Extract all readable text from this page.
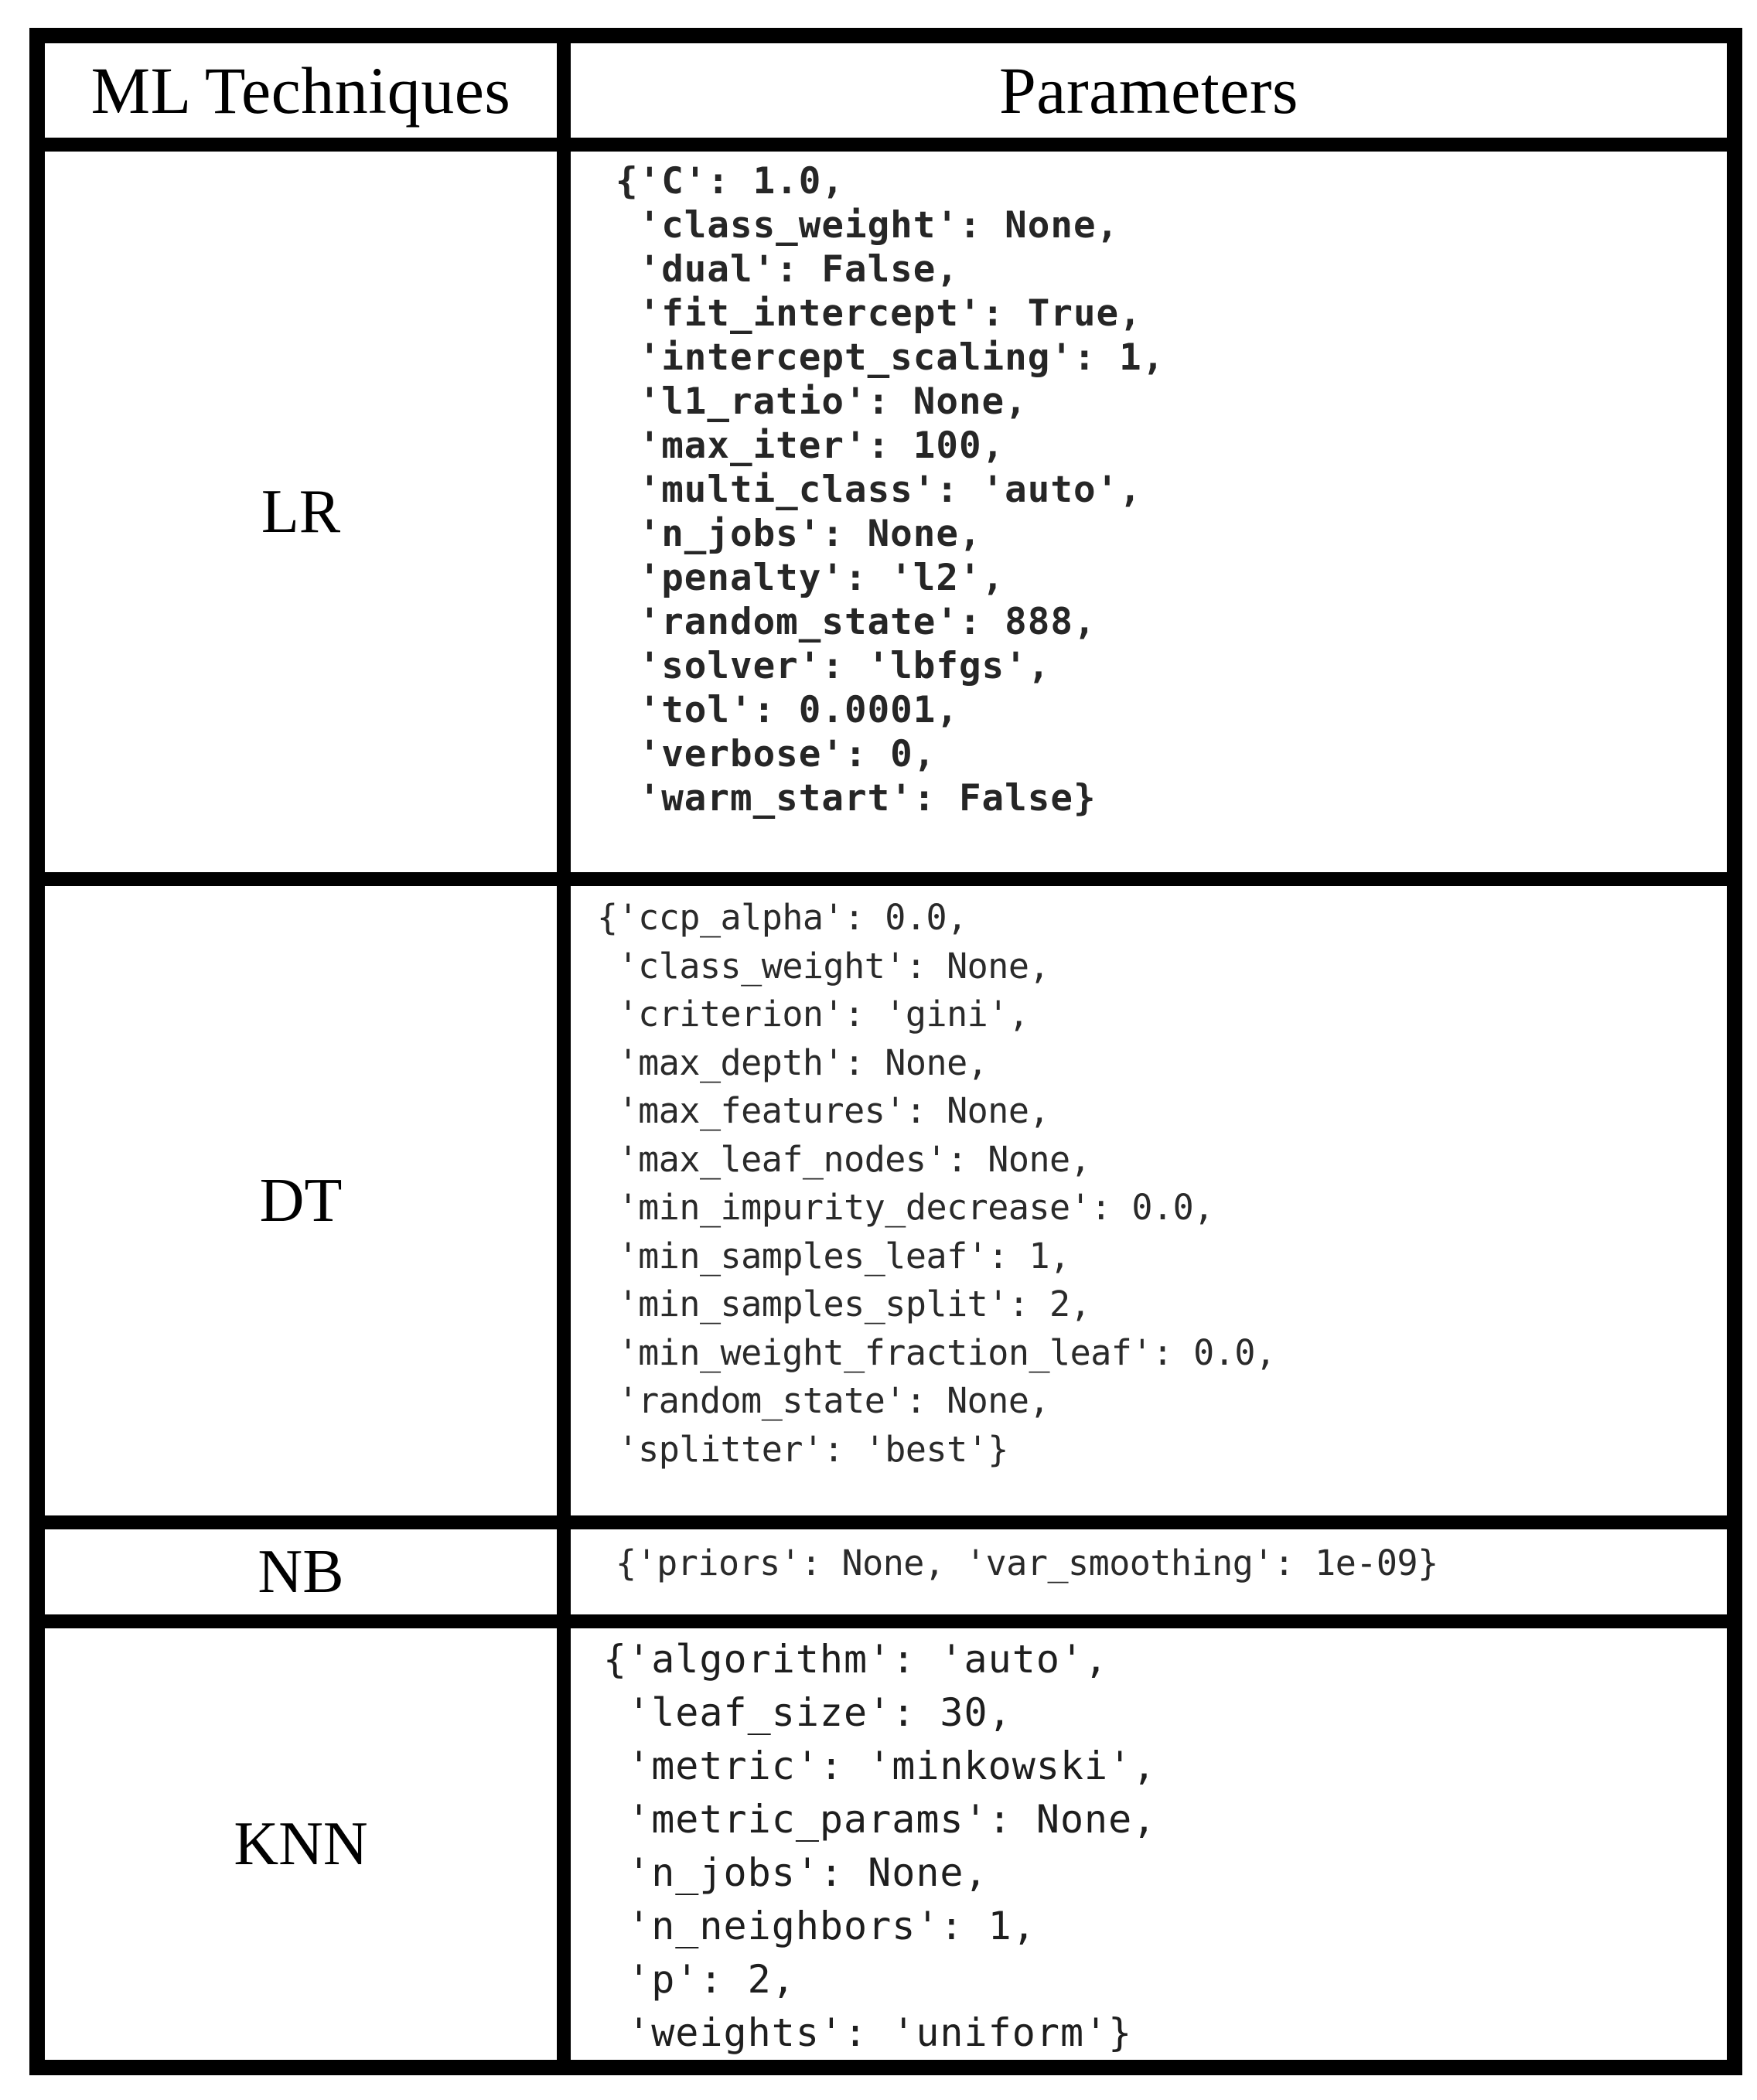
ML Techniques	Parameters
LR
{'C': 1.0,
'class_weight': None,
'dual': False,
'fit_intercept': True,
'intercept_scaling': 1,
'l1_ratio': None,
'max_iter': 100,
'multi_class': 'auto',
'n_jobs': None,
'penalty': 'l2',
'random_state': 888,
'solver': 'lbfgs',
'tol': 0.0001,
'verbose': 0,
'warm_start': False}
DT
{'ccp_alpha': 0.0,
'class_weight': None,
'criterion': 'gini',
'max_depth': None,
'max_features': None,
'max_leaf_nodes': None,
'min_impurity_decrease': 0.0,
'min_samples_leaf': 1,
'min_samples_split': 2,
'min_weight_fraction_leaf': 0.0,
'random_state': None,
'splitter': 'best'}
NB	{'priors': None, 'var_smoothing': 1e-09}
KNN
{'algorithm': 'auto',
'leaf_size': 30,
'metric': 'minkowski',
'metric_params': None,
'n_jobs': None,
'n_neighbors': 1,
'p': 2,
'weights': 'uniform'}
